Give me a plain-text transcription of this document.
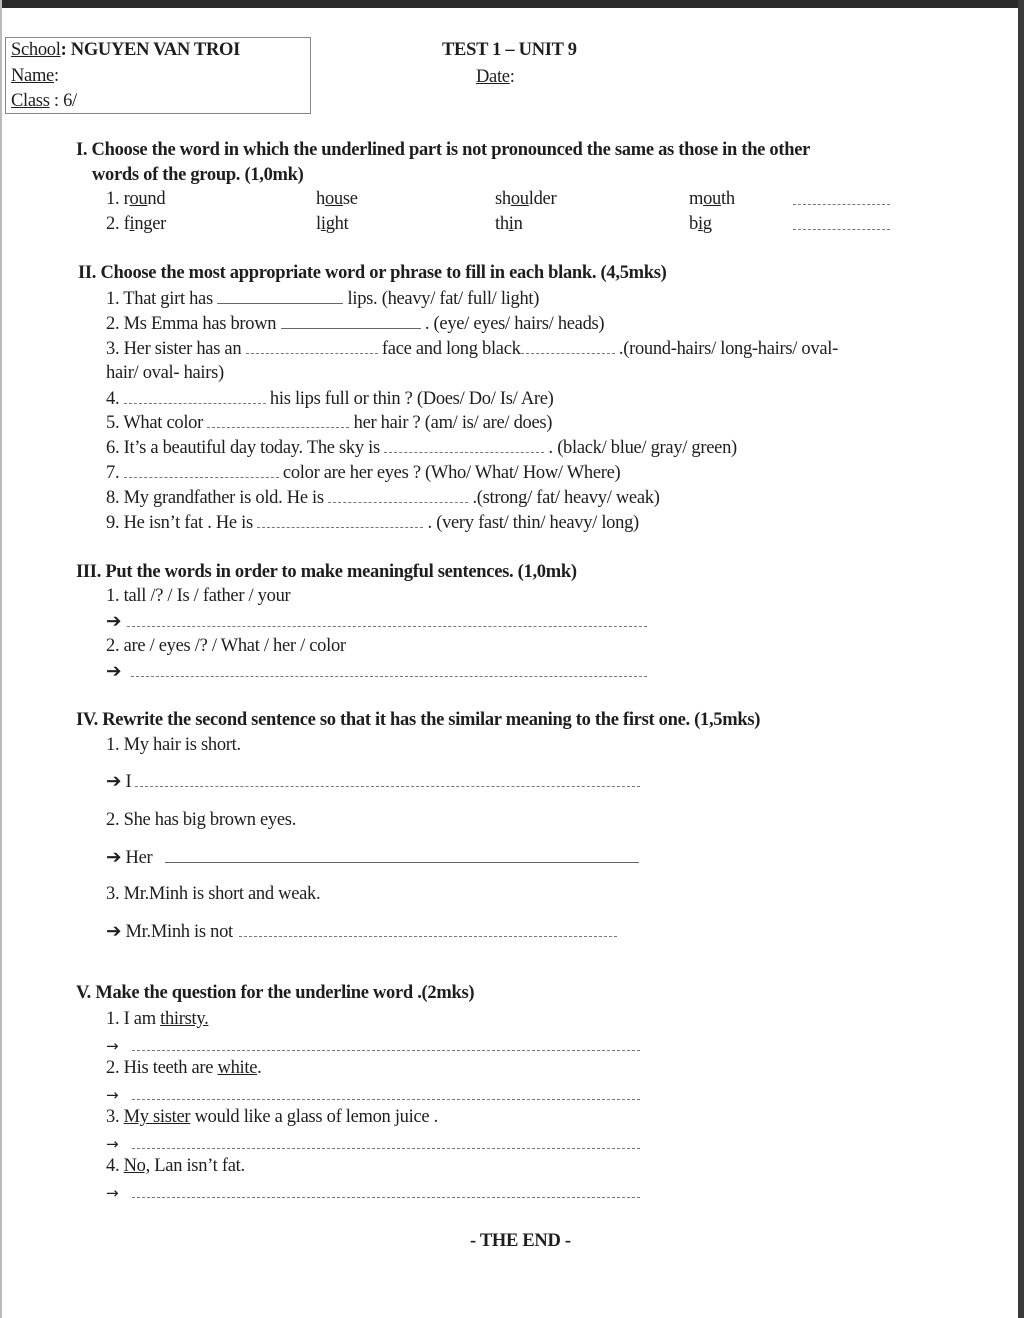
School: NGUYEN VAN TROI
Name:
Class : 6/
TEST 1 – UNIT 9
Date:
I. Choose the word in which the underlined part is not pronounced the same as those in the other
words of the group. (1,0mk)
1. round	house	shoulder	mouth
2. finger	light	thin	big
II. Choose the most appropriate word or phrase to fill in each blank. (4,5mks)
1. That girt has	lips. (heavy/ fat/ full/ light)
2. Ms Emma has brown	. (eye/ eyes/ hairs/ heads)
3. Her sister has an	face and long black	.(round-hairs/ long-hairs/ oval-
hair/ oval- hairs)
4.	his lips full or thin ? (Does/ Do/ Is/ Are)
5. What color	her hair ? (am/ is/ are/ does)
6. It’s a beautiful day today. The sky is	. (black/ blue/ gray/ green)
7.	color are her eyes ? (Who/ What/ How/ Where)
8. My grandfather is old. He is	.(strong/ fat/ heavy/ weak)
9. He isn’t fat . He is	. (very fast/ thin/ heavy/ long)
III. Put the words in order to make meaningful sentences. (1,0mk)
1. tall /? / Is / father / your
➔
2. are / eyes /? / What / her / color
➔
IV. Rewrite the second sentence so that it has the similar meaning to the first one. (1,5mks)
1. My hair is short.
➔ I
2. She has big brown eyes.
➔ Her
3. Mr.Minh is short and weak.
➔ Mr.Minh is not
V. Make the question for the underline word .(2mks)
1. I am thirsty.
→
2. His teeth are white.
→
3. My sister would like a glass of lemon juice .
→
4. No, Lan isn’t fat.
→
- THE END -
